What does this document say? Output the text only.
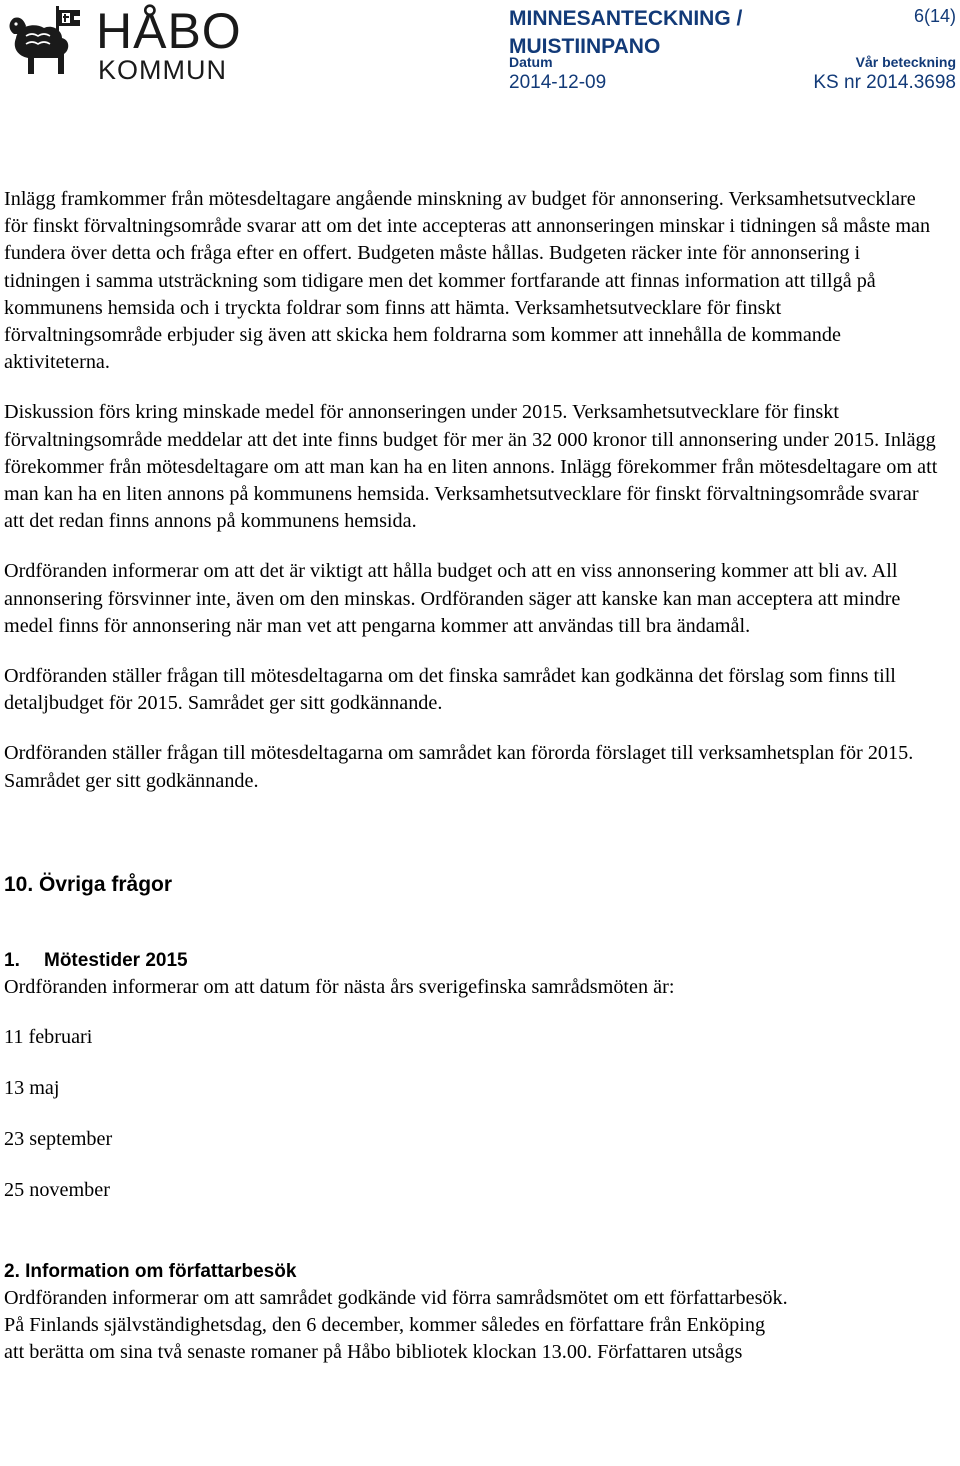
HÅBO
KOMMUN
MINNESANTECKNING / MUISTIINPANO
6(14)
Datum
2014-12-09
Vår beteckning
KS nr 2014.3698

Inlägg framkommer från mötesdeltagare angående minskning av budget för annonsering. Verksamhetsutvecklare för finskt förvaltningsområde svarar att om det inte accepteras att annonseringen minskar i tidningen så måste man fundera över detta och fråga efter en offert. Budgeten måste hållas. Budgeten räcker inte för annonsering i tidningen i samma utsträckning som tidigare men det kommer fortfarande att finnas information att tillgå på kommunens hemsida och i tryckta foldrar som finns att hämta. Verksamhetsutvecklare för finskt förvaltningsområde erbjuder sig även att skicka hem foldrarna som kommer att innehålla de kommande aktiviteterna.

Diskussion förs kring minskade medel för annonseringen under 2015. Verksamhetsutvecklare för finskt förvaltningsområde meddelar att det inte finns budget för mer än 32 000 kronor till annonsering under 2015. Inlägg förekommer från mötesdeltagare om att man kan ha en liten annons. Inlägg förekommer från mötesdeltagare om att man kan ha en liten annons på kommunens hemsida. Verksamhetsutvecklare för finskt förvaltningsområde svarar att det redan finns annons på kommunens hemsida.

Ordföranden informerar om att det är viktigt att hålla budget och att en viss annonsering kommer att bli av. All annonsering försvinner inte, även om den minskas. Ordföranden säger att kanske kan man acceptera att mindre medel finns för annonsering när man vet att pengarna kommer att användas till bra ändamål.

Ordföranden ställer frågan till mötesdeltagarna om det finska samrådet kan godkänna det förslag som finns till detaljbudget för 2015. Samrådet ger sitt godkännande.

Ordföranden ställer frågan till mötesdeltagarna om samrådet kan förorda förslaget till verksamhetsplan för 2015. Samrådet ger sitt godkännande.

10. Övriga frågor
1. Mötestider 2015
Ordföranden informerar om att datum för nästa års sverigefinska samrådsmöten är:
11 februari
13 maj
23 september
25 november
2. Information om författarbesök
Ordföranden informerar om att samrådet godkände vid förra samrådsmötet om ett författarbesök.
På Finlands självständighetsdag, den 6 december, kommer således en författare från Enköping
att berätta om sina två senaste romaner på Håbo bibliotek klockan 13.00. Författaren utsågs
